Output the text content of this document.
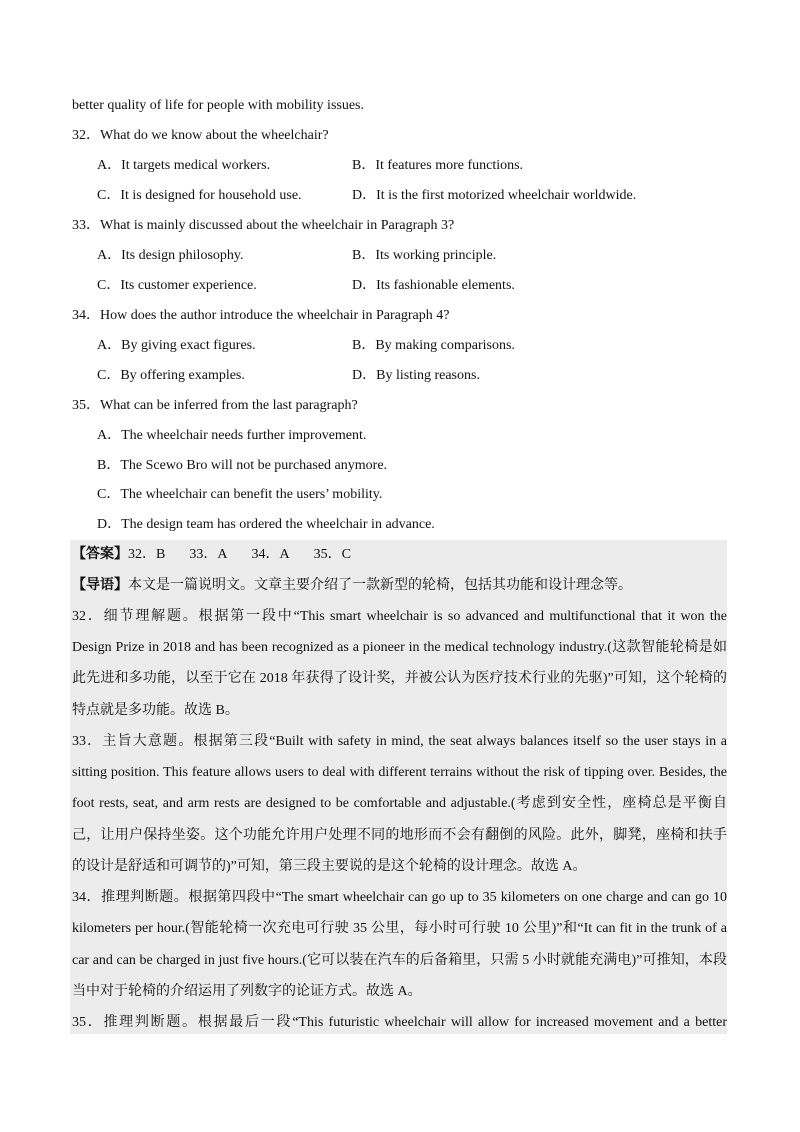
better quality of life for people with mobility issues.
32．What do we know about the wheelchair?
A．It targets medical workers.	B．It features more functions.
C．It is designed for household use.	D．It is the first motorized wheelchair worldwide.
33．What is mainly discussed about the wheelchair in Paragraph 3?
A．Its design philosophy.	B．Its working principle.
C．Its customer experience.	D．Its fashionable elements.
34．How does the author introduce the wheelchair in Paragraph 4?
A．By giving exact figures.	B．By making comparisons.
C．By offering examples.	D．By listing reasons.
35．What can be inferred from the last paragraph?
A．The wheelchair needs further improvement.
B．The Scewo Bro will not be purchased anymore.
C．The wheelchair can benefit the users’ mobility.
D．The design team has ordered the wheelchair in advance.
【答案】32．B 33．A 34．A 35．C
【导语】本文是一篇说明文。文章主要介绍了一款新型的轮椅，包括其功能和设计理念等。
32．细节理解题。根据第一段中“This smart wheelchair is so advanced and multifunctional that it won the
Design Prize in 2018 and has been recognized as a pioneer in the medical technology industry.(这款智能轮椅是如
此先进和多功能，以至于它在 2018 年获得了设计奖，并被公认为医疗技术行业的先驱)”可知，这个轮椅的
特点就是多功能。故选 B。
33．主旨大意题。根据第三段“Built with safety in mind, the seat always balances itself so the user stays in a
sitting position. This feature allows users to deal with different terrains without the risk of tipping over. Besides, the
foot rests, seat, and arm rests are designed to be comfortable and adjustable.(考虑到安全性，座椅总是平衡自
己，让用户保持坐姿。这个功能允许用户处理不同的地形而不会有翻倒的风险。此外，脚凳，座椅和扶手
的设计是舒适和可调节的)”可知，第三段主要说的是这个轮椅的设计理念。故选 A。
34．推理判断题。根据第四段中“The smart wheelchair can go up to 35 kilometers on one charge and can go 10
kilometers per hour.(智能轮椅一次充电可行驶 35 公里，每小时可行驶 10 公里)”和“It can fit in the trunk of a
car and can be charged in just five hours.(它可以装在汽车的后备箱里，只需 5 小时就能充满电)”可推知，本段
当中对于轮椅的介绍运用了列数字的论证方式。故选 A。
35．推理判断题。根据最后一段“This futuristic wheelchair will allow for increased movement and a better
